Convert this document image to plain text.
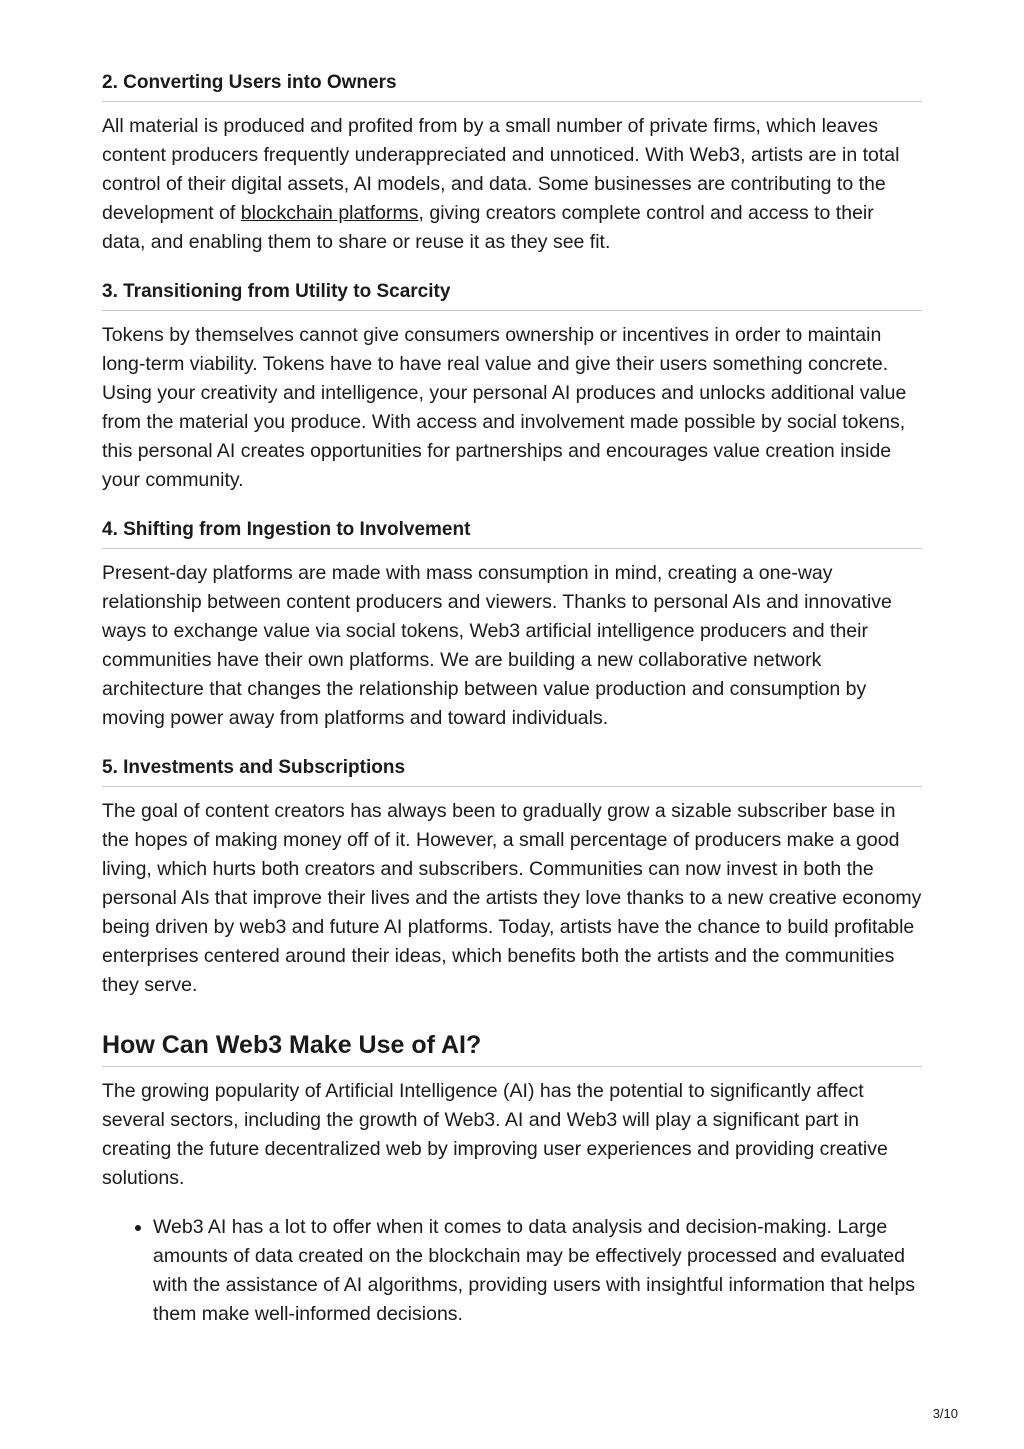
2. Converting Users into Owners

All material is produced and profited from by a small number of private firms, which leaves content producers frequently underappreciated and unnoticed. With Web3, artists are in total control of their digital assets, AI models, and data. Some businesses are contributing to the development of blockchain platforms, giving creators complete control and access to their data, and enabling them to share or reuse it as they see fit.

3. Transitioning from Utility to Scarcity

Tokens by themselves cannot give consumers ownership or incentives in order to maintain long-term viability. Tokens have to have real value and give their users something concrete. Using your creativity and intelligence, your personal AI produces and unlocks additional value from the material you produce. With access and involvement made possible by social tokens, this personal AI creates opportunities for partnerships and encourages value creation inside your community.

4. Shifting from Ingestion to Involvement

Present-day platforms are made with mass consumption in mind, creating a one-way relationship between content producers and viewers. Thanks to personal AIs and innovative ways to exchange value via social tokens, Web3 artificial intelligence producers and their communities have their own platforms. We are building a new collaborative network architecture that changes the relationship between value production and consumption by moving power away from platforms and toward individuals.

5. Investments and Subscriptions

The goal of content creators has always been to gradually grow a sizable subscriber base in the hopes of making money off of it. However, a small percentage of producers make a good living, which hurts both creators and subscribers. Communities can now invest in both the personal AIs that improve their lives and the artists they love thanks to a new creative economy being driven by web3 and future AI platforms. Today, artists have the chance to build profitable enterprises centered around their ideas, which benefits both the artists and the communities they serve.

How Can Web3 Make Use of AI?

The growing popularity of Artificial Intelligence (AI) has the potential to significantly affect several sectors, including the growth of Web3. AI and Web3 will play a significant part in creating the future decentralized web by improving user experiences and providing creative solutions.

Web3 AI has a lot to offer when it comes to data analysis and decision-making. Large amounts of data created on the blockchain may be effectively processed and evaluated with the assistance of AI algorithms, providing users with insightful information that helps them make well-informed decisions.
3/10
